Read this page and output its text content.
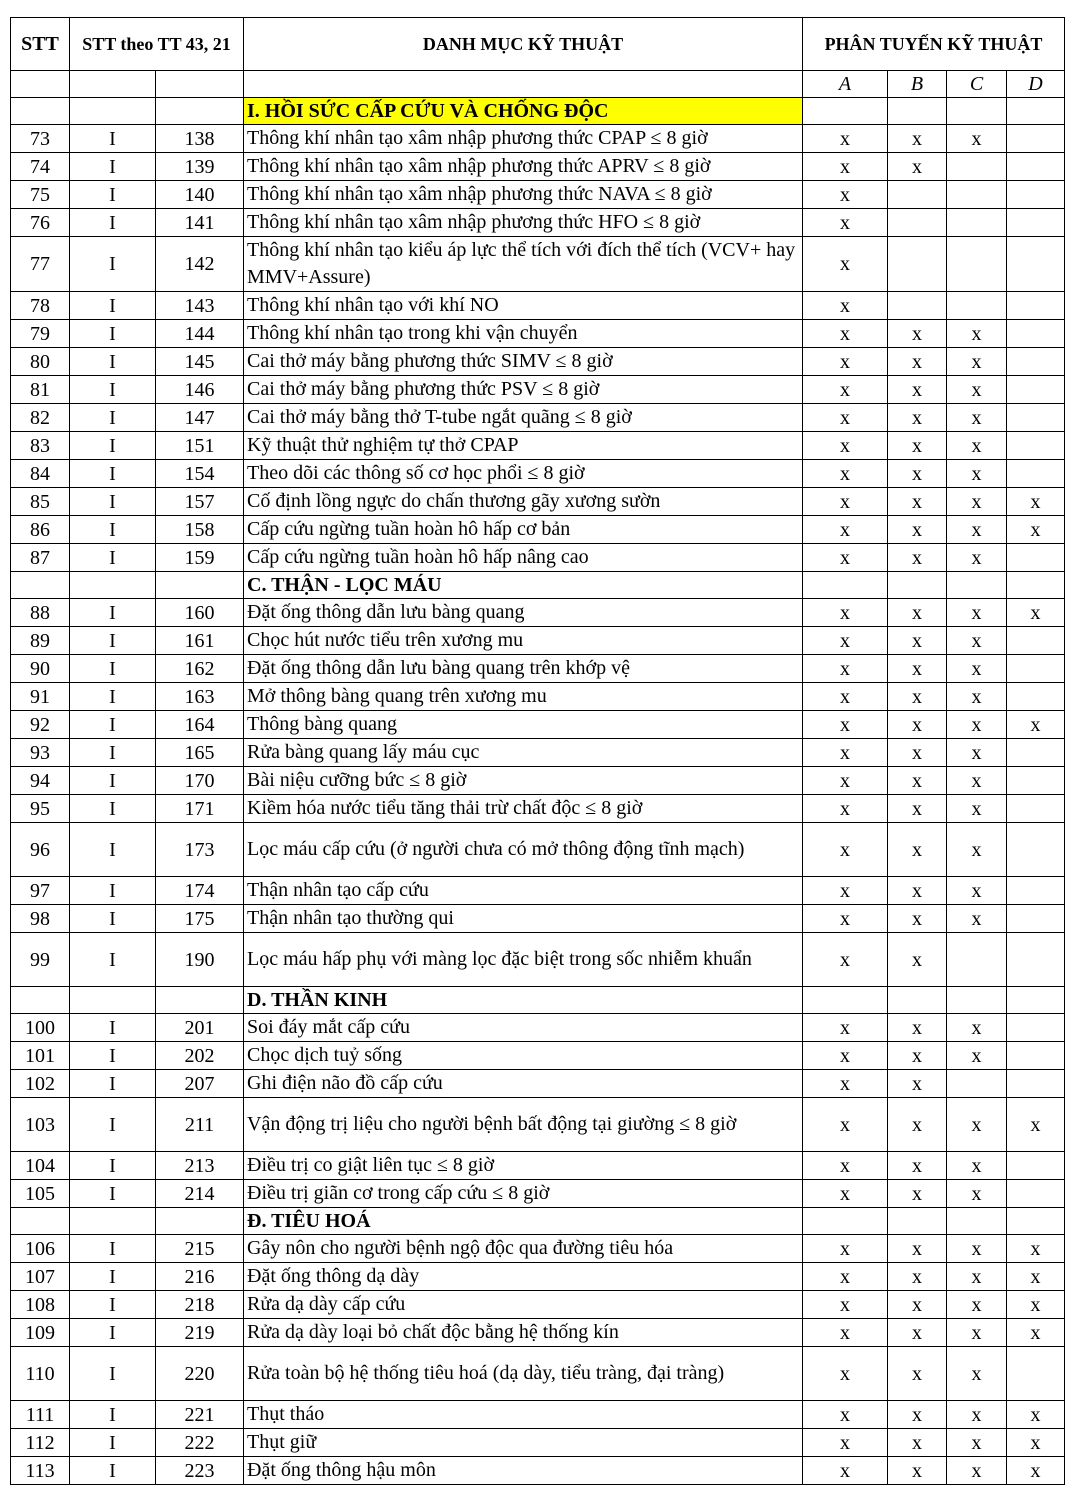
STT	STT theo TT 43, 21		DANH MỤC KỸ THUẬT	PHÂN TUYẾN KỸ THUẬT			
				A	B	C	D
			I. HỒI SỨC CẤP CỨU VÀ CHỐNG ĐỘC				
73	I	138	Thông khí nhân tạo xâm nhập phương thức CPAP ≤ 8 giờ	x	x	x	
74	I	139	Thông khí nhân tạo xâm nhập phương thức APRV ≤ 8 giờ	x	x		
75	I	140	Thông khí nhân tạo xâm nhập phương thức NAVA ≤ 8 giờ	x			
76	I	141	Thông khí nhân tạo xâm nhập phương thức HFO ≤ 8 giờ	x			
77	I	142	Thông khí nhân tạo kiểu áp lực thể tích với đích thể tích (VCV+ hay MMV+Assure)	x			
78	I	143	Thông khí nhân tạo với khí NO	x			
79	I	144	Thông khí nhân tạo trong khi vận chuyển	x	x	x	
80	I	145	Cai thở máy bằng phương thức SIMV ≤ 8 giờ	x	x	x	
81	I	146	Cai thở máy bằng phương thức PSV ≤ 8 giờ	x	x	x	
82	I	147	Cai thở máy bằng thở T-tube ngắt quãng ≤ 8 giờ	x	x	x	
83	I	151	Kỹ thuật thử nghiệm tự thở CPAP	x	x	x	
84	I	154	Theo dõi các thông số cơ học phổi ≤ 8 giờ	x	x	x	
85	I	157	Cố định lồng ngực do chấn thương gãy xương sườn	x	x	x	x
86	I	158	Cấp cứu ngừng tuần hoàn hô hấp cơ bản	x	x	x	x
87	I	159	Cấp cứu ngừng tuần hoàn hô hấp nâng cao	x	x	x	
			C. THẬN - LỌC MÁU				
88	I	160	Đặt ống thông dẫn lưu bàng quang	x	x	x	x
89	I	161	Chọc hút nước tiểu trên xương mu	x	x	x	
90	I	162	Đặt ống thông dẫn lưu bàng quang trên khớp vệ	x	x	x	
91	I	163	Mở thông bàng quang trên xương mu	x	x	x	
92	I	164	Thông bàng quang	x	x	x	x
93	I	165	Rửa bàng quang lấy máu cục	x	x	x	
94	I	170	Bài niệu cưỡng bức ≤ 8 giờ	x	x	x	
95	I	171	Kiềm hóa nước tiểu tăng thải trừ chất độc ≤ 8 giờ	x	x	x	
96	I	173	Lọc máu cấp cứu (ở người chưa có mở thông động tĩnh mạch)	x	x	x	
97	I	174	Thận nhân tạo cấp cứu	x	x	x	
98	I	175	Thận nhân tạo thường qui	x	x	x	
99	I	190	Lọc máu hấp phụ với màng lọc đặc biệt trong sốc nhiễm khuẩn	x	x		
			D. THẦN KINH				
100	I	201	Soi đáy mắt cấp cứu	x	x	x	
101	I	202	Chọc dịch tuỷ sống	x	x	x	
102	I	207	Ghi điện não đồ cấp cứu	x	x		
103	I	211	Vận động trị liệu cho người bệnh bất động tại giường ≤ 8 giờ	x	x	x	x
104	I	213	Điều trị co giật liên tục ≤ 8 giờ	x	x	x	
105	I	214	Điều trị giãn cơ trong cấp cứu ≤ 8 giờ	x	x	x	
			Đ. TIÊU HOÁ				
106	I	215	Gây nôn cho người bệnh ngộ độc qua đường tiêu hóa	x	x	x	x
107	I	216	Đặt ống thông dạ dày	x	x	x	x
108	I	218	Rửa dạ dày cấp cứu	x	x	x	x
109	I	219	Rửa dạ dày loại bỏ chất độc bằng hệ thống kín	x	x	x	x
110	I	220	Rửa toàn bộ hệ thống tiêu hoá (dạ dày, tiểu tràng, đại tràng)	x	x	x	
111	I	221	Thụt tháo	x	x	x	x
112	I	222	Thụt giữ	x	x	x	x
113	I	223	Đặt ống thông hậu môn	x	x	x	x
